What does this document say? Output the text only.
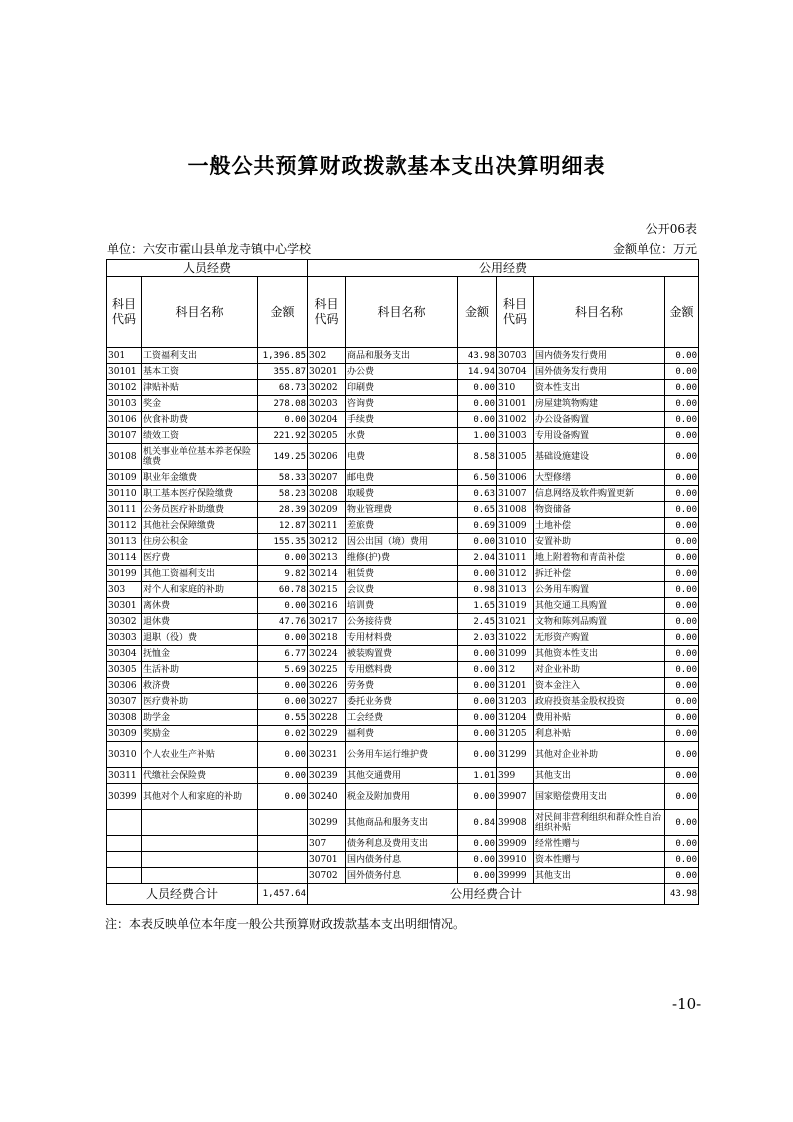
一般公共预算财政拨款基本支出决算明细表
公开06表
单位：六安市霍山县单龙寺镇中心学校	金额单位：万元
人员经费			公用经费					
科目
代码	科目名称	金额	科目
代码	科目名称	金额	科目
代码	科目名称	金额
301	工资福利支出	1,396.85	302	商品和服务支出	43.98	30703	国内债务发行费用	0.00
30101	基本工资	355.87	30201	办公费	14.94	30704	国外债务发行费用	0.00
30102	津贴补贴	68.73	30202	印刷费	0.00	310	资本性支出	0.00
30103	奖金	278.08	30203	咨询费	0.00	31001	房屋建筑物购建	0.00
30106	伙食补助费	0.00	30204	手续费	0.00	31002	办公设备购置	0.00
30107	绩效工资	221.92	30205	水费	1.00	31003	专用设备购置	0.00
30108	机关事业单位基本养老保险缴费	149.25	30206	电费	8.58	31005	基础设施建设	0.00
30109	职业年金缴费	58.33	30207	邮电费	6.50	31006	大型修缮	0.00
30110	职工基本医疗保险缴费	58.23	30208	取暖费	0.63	31007	信息网络及软件购置更新	0.00
30111	公务员医疗补助缴费	28.39	30209	物业管理费	0.65	31008	物资储备	0.00
30112	其他社会保障缴费	12.87	30211	差旅费	0.69	31009	土地补偿	0.00
30113	住房公积金	155.35	30212	因公出国（境）费用	0.00	31010	安置补助	0.00
30114	医疗费	0.00	30213	维修(护)费	2.04	31011	地上附着物和青苗补偿	0.00
30199	其他工资福利支出	9.82	30214	租赁费	0.00	31012	拆迁补偿	0.00
303	对个人和家庭的补助	60.78	30215	会议费	0.98	31013	公务用车购置	0.00
30301	离休费	0.00	30216	培训费	1.65	31019	其他交通工具购置	0.00
30302	退休费	47.76	30217	公务接待费	2.45	31021	文物和陈列品购置	0.00
30303	退职（役）费	0.00	30218	专用材料费	2.03	31022	无形资产购置	0.00
30304	抚恤金	6.77	30224	被装购置费	0.00	31099	其他资本性支出	0.00
30305	生活补助	5.69	30225	专用燃料费	0.00	312	对企业补助	0.00
30306	救济费	0.00	30226	劳务费	0.00	31201	资本金注入	0.00
30307	医疗费补助	0.00	30227	委托业务费	0.00	31203	政府投资基金股权投资	0.00
30308	助学金	0.55	30228	工会经费	0.00	31204	费用补贴	0.00
30309	奖励金	0.02	30229	福利费	0.00	31205	利息补贴	0.00
30310	个人农业生产补贴	0.00	30231	公务用车运行维护费	0.00	31299	其他对企业补助	0.00
30311	代缴社会保险费	0.00	30239	其他交通费用	1.01	399	其他支出	0.00
30399	其他对个人和家庭的补助	0.00	30240	税金及附加费用	0.00	39907	国家赔偿费用支出	0.00
			30299	其他商品和服务支出	0.84	39908	对民间非营利组织和群众性自治组织补贴	0.00
			307	债务利息及费用支出	0.00	39909	经常性赠与	0.00
			30701	国内债务付息	0.00	39910	资本性赠与	0.00
			30702	国外债务付息	0.00	39999	其他支出	0.00
人员经费合计		1,457.64	公用经费合计					43.98
注：本表反映单位本年度一般公共预算财政拨款基本支出明细情况。
-10-
